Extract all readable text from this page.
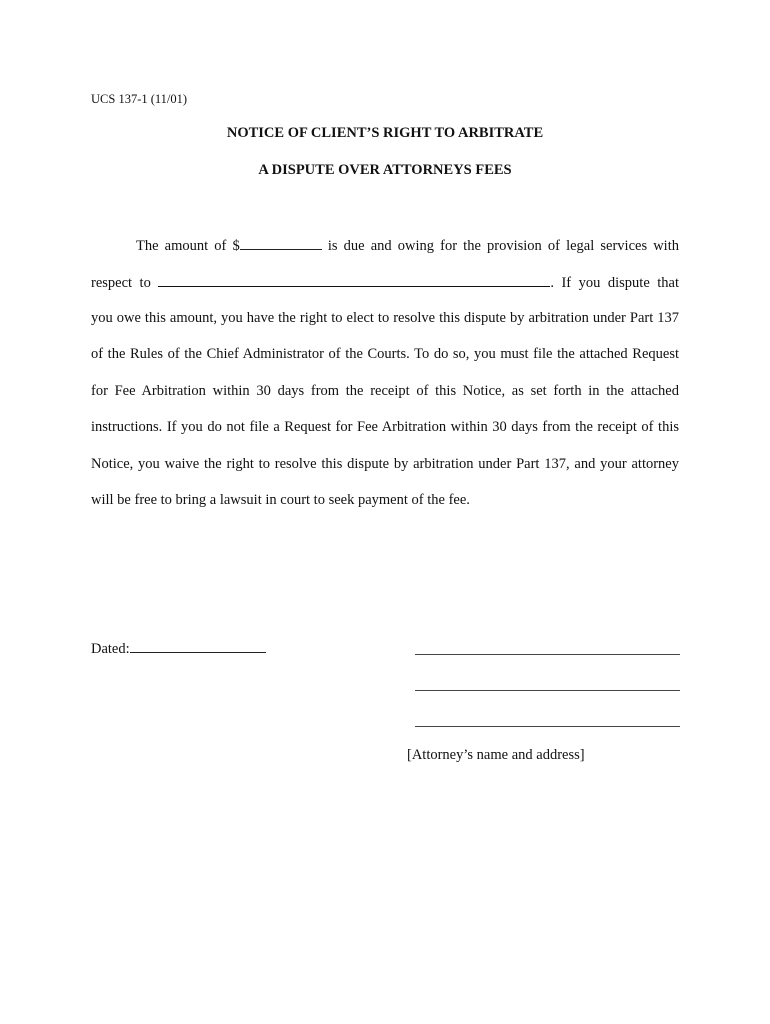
UCS 137-1 (11/01)
NOTICE OF CLIENT’S RIGHT TO ARBITRATE
A DISPUTE OVER ATTORNEYS FEES
The amount of $	is due and owing for the provision of legal services with
respect to	. If you dispute that
you owe this amount, you have the right to elect to resolve this dispute by arbitration under Part 137
of the Rules of the Chief Administrator of the Courts. To do so, you must file the attached Request
for Fee Arbitration within 30 days from the receipt of this Notice, as set forth in the attached
instructions. If you do not file a Request for Fee Arbitration within 30 days from the receipt of this
Notice, you waive the right to resolve this dispute by arbitration under Part 137, and your attorney
will be free to bring a lawsuit in court to seek payment of the fee.
Dated:
[Attorney’s name and address]
